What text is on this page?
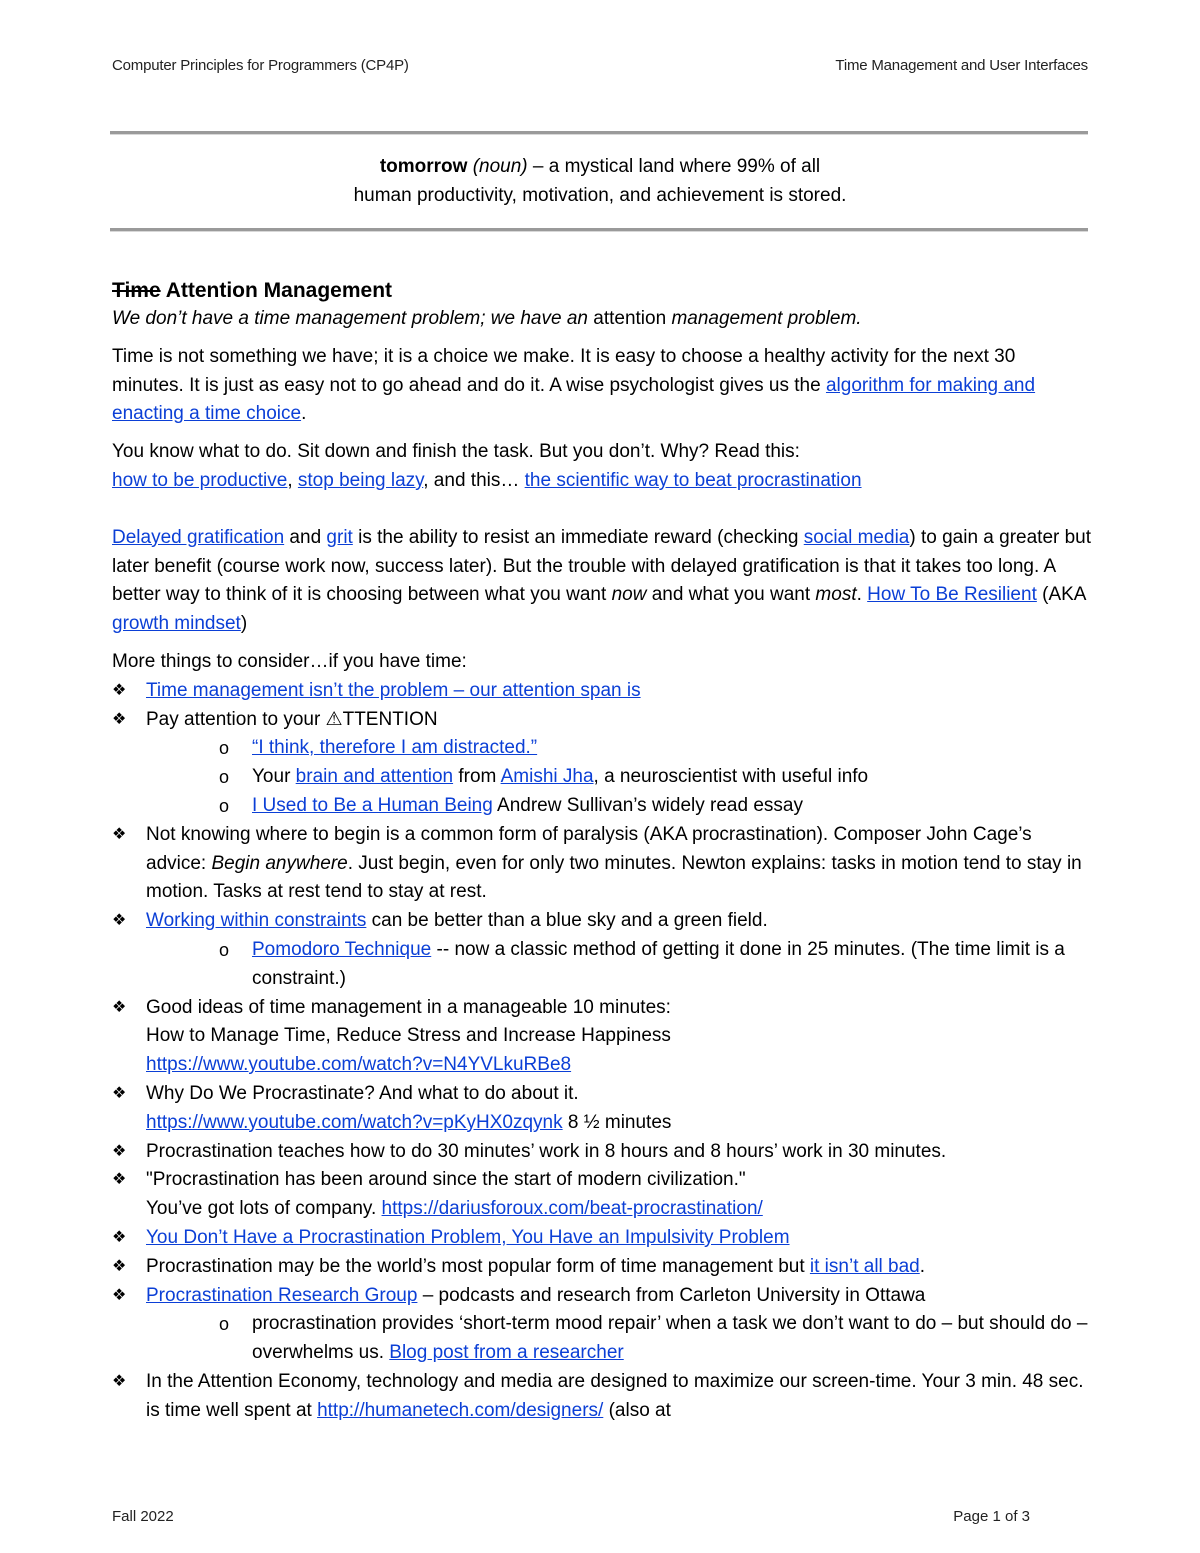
Computer Principles for Programmers (CP4P)	Time Management and User Interfaces
tomorrow (noun) – a mystical land where 99% of all
human productivity, motivation, and achievement is stored.
Time Attention Management

We don’t have a time management problem; we have an attention management problem.

Time is not something we have; it is a choice we make. It is easy to choose a healthy activity for the next 30 minutes. It is just as easy not to go ahead and do it. A wise psychologist gives us the algorithm for making and enacting a time choice.

You know what to do. Sit down and finish the task. But you don’t. Why? Read this:
how to be productive, stop being lazy, and this… the scientific way to beat procrastination

Delayed gratification and grit is the ability to resist an immediate reward (checking social media) to gain a greater but later benefit (course work now, success later). But the trouble with delayed gratification is that it takes too long. A better way to think of it is choosing between what you want now and what you want most. How To Be Resilient (AKA growth mindset)

More things to consider…if you have time:

❖	Time management isn’t the problem – our attention span is
❖	Pay attention to your ⚠TTENTION
o “I think, therefore I am distracted.”
o Your brain and attention from Amishi Jha, a neuroscientist with useful info
o I Used to Be a Human Being Andrew Sullivan’s widely read essay
❖	Not knowing where to begin is a common form of paralysis (AKA procrastination). Composer John Cage’s advice: Begin anywhere. Just begin, even for only two minutes. Newton explains: tasks in motion tend to stay in motion. Tasks at rest tend to stay at rest.
❖	Working within constraints can be better than a blue sky and a green field.
o Pomodoro Technique -- now a classic method of getting it done in 25 minutes. (The time limit is a constraint.)
❖	Good ideas of time management in a manageable 10 minutes:
How to Manage Time, Reduce Stress and Increase Happiness
https://www.youtube.com/watch?v=N4YVLkuRBe8
❖	Why Do We Procrastinate? And what to do about it.
https://www.youtube.com/watch?v=pKyHX0zqynk 8 ½ minutes
❖	Procrastination teaches how to do 30 minutes’ work in 8 hours and 8 hours’ work in 30 minutes.
❖	"Procrastination has been around since the start of modern civilization."
You’ve got lots of company. https://dariusforoux.com/beat-procrastination/
❖	You Don’t Have a Procrastination Problem, You Have an Impulsivity Problem
❖	Procrastination may be the world’s most popular form of time management but it isn’t all bad.
❖	Procrastination Research Group – podcasts and research from Carleton University in Ottawa
o procrastination provides ‘short-term mood repair’ when a task we don’t want to do – but should do – overwhelms us. Blog post from a researcher
❖	In the Attention Economy, technology and media are designed to maximize our screen-time. Your 3 min. 48 sec. is time well spent at http://humanetech.com/designers/ (also at
Fall 2022	Page 1 of 3
